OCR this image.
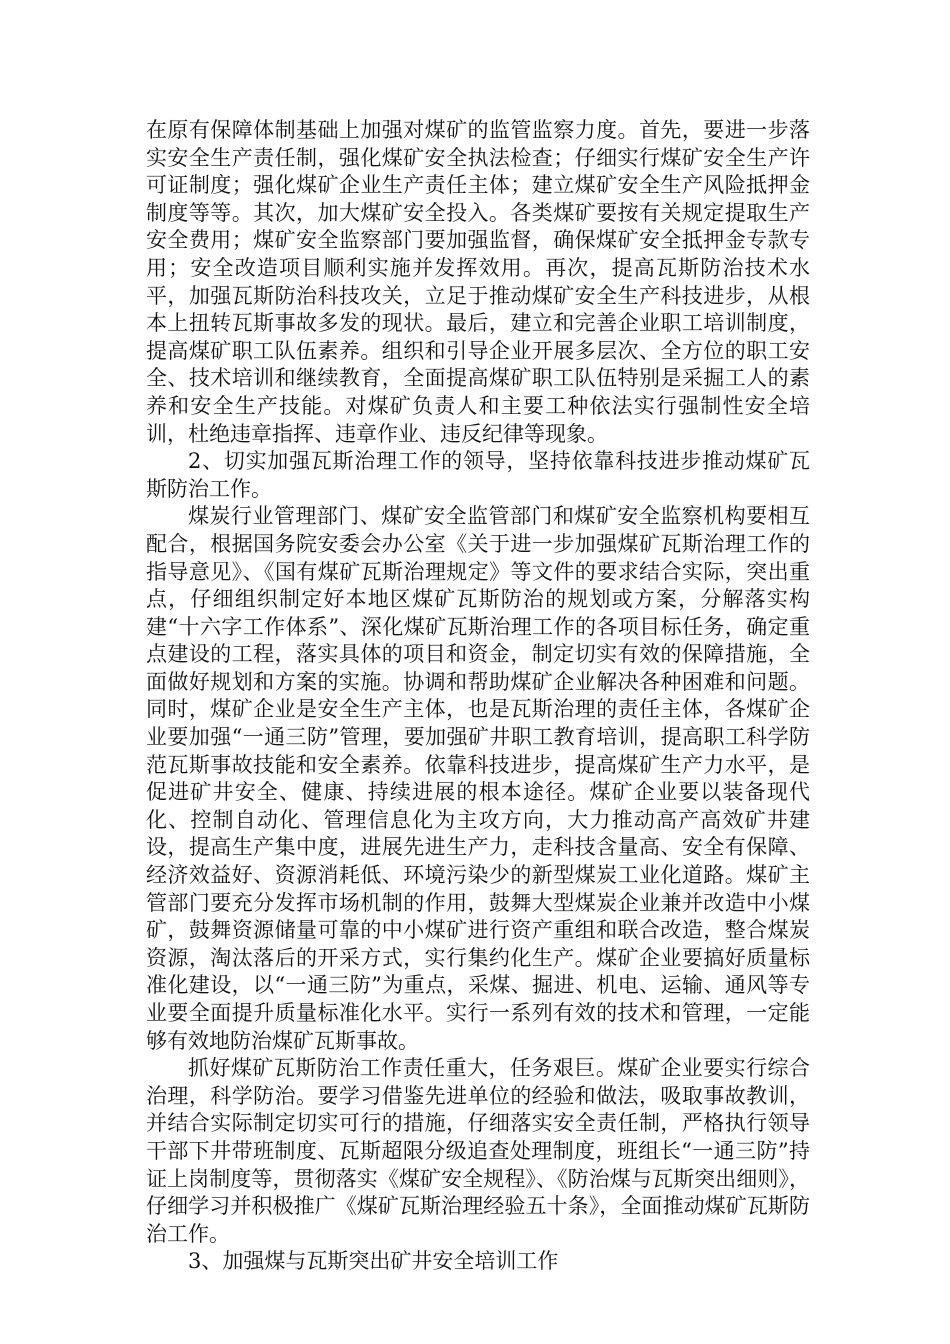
在原有保障体制基础上加强对煤矿的监管监察力度。首先，要进一步落实安全生产责任制，强化煤矿安全执法检查；仔细实行煤矿安全生产许可证制度；强化煤矿企业生产责任主体；建立煤矿安全生产风险抵押金制度等等。其次，加大煤矿安全投入。各类煤矿要按有关规定提取生产安全费用；煤矿安全监察部门要加强监督，确保煤矿安全抵押金专款专用；安全改造项目顺利实施并发挥效用。再次，提高瓦斯防治技术水平，加强瓦斯防治科技攻关，立足于推动煤矿安全生产科技进步，从根本上扭转瓦斯事故多发的现状。最后，建立和完善企业职工培训制度，提高煤矿职工队伍素养。组织和引导企业开展多层次、全方位的职工安全、技术培训和继续教育，全面提高煤矿职工队伍特别是采掘工人的素养和安全生产技能。对煤矿负责人和主要工种依法实行强制性安全培训，杜绝违章指挥、违章作业、违反纪律等现象。

2、切实加强瓦斯治理工作的领导，坚持依靠科技进步推动煤矿瓦斯防治工作。

煤炭行业管理部门、煤矿安全监管部门和煤矿安全监察机构要相互配合，根据国务院安委会办公室《关于进一步加强煤矿瓦斯治理工作的指导意见》、《国有煤矿瓦斯治理规定》等文件的要求结合实际，突出重点，仔细组织制定好本地区煤矿瓦斯防治的规划或方案，分解落实构建“十六字工作体系”、深化煤矿瓦斯治理工作的各项目标任务，确定重点建设的工程，落实具体的项目和资金，制定切实有效的保障措施，全面做好规划和方案的实施。协调和帮助煤矿企业解决各种困难和问题。同时，煤矿企业是安全生产主体，也是瓦斯治理的责任主体，各煤矿企业要加强“一通三防”管理，要加强矿井职工教育培训，提高职工科学防范瓦斯事故技能和安全素养。依靠科技进步，提高煤矿生产力水平，是促进矿井安全、健康、持续进展的根本途径。煤矿企业要以装备现代化、控制自动化、管理信息化为主攻方向，大力推动高产高效矿井建设，提高生产集中度，进展先进生产力，走科技含量高、安全有保障、经济效益好、资源消耗低、环境污染少的新型煤炭工业化道路。煤矿主管部门要充分发挥市场机制的作用，鼓舞大型煤炭企业兼并改造中小煤矿，鼓舞资源储量可靠的中小煤矿进行资产重组和联合改造，整合煤炭资源，淘汰落后的开采方式，实行集约化生产。煤矿企业要搞好质量标准化建设，以“一通三防”为重点，采煤、掘进、机电、运输、通风等专业要全面提升质量标准化水平。实行一系列有效的技术和管理，一定能够有效地防治煤矿瓦斯事故。

抓好煤矿瓦斯防治工作责任重大，任务艰巨。煤矿企业要实行综合治理，科学防治。要学习借鉴先进单位的经验和做法，吸取事故教训，并结合实际制定切实可行的措施，仔细落实安全责任制，严格执行领导干部下井带班制度、瓦斯超限分级追查处理制度，班组长“一通三防”持证上岗制度等，贯彻落实《煤矿安全规程》、《防治煤与瓦斯突出细则》，仔细学习并积极推广《煤矿瓦斯治理经验五十条》，全面推动煤矿瓦斯防治工作。

3、加强煤与瓦斯突出矿井安全培训工作
